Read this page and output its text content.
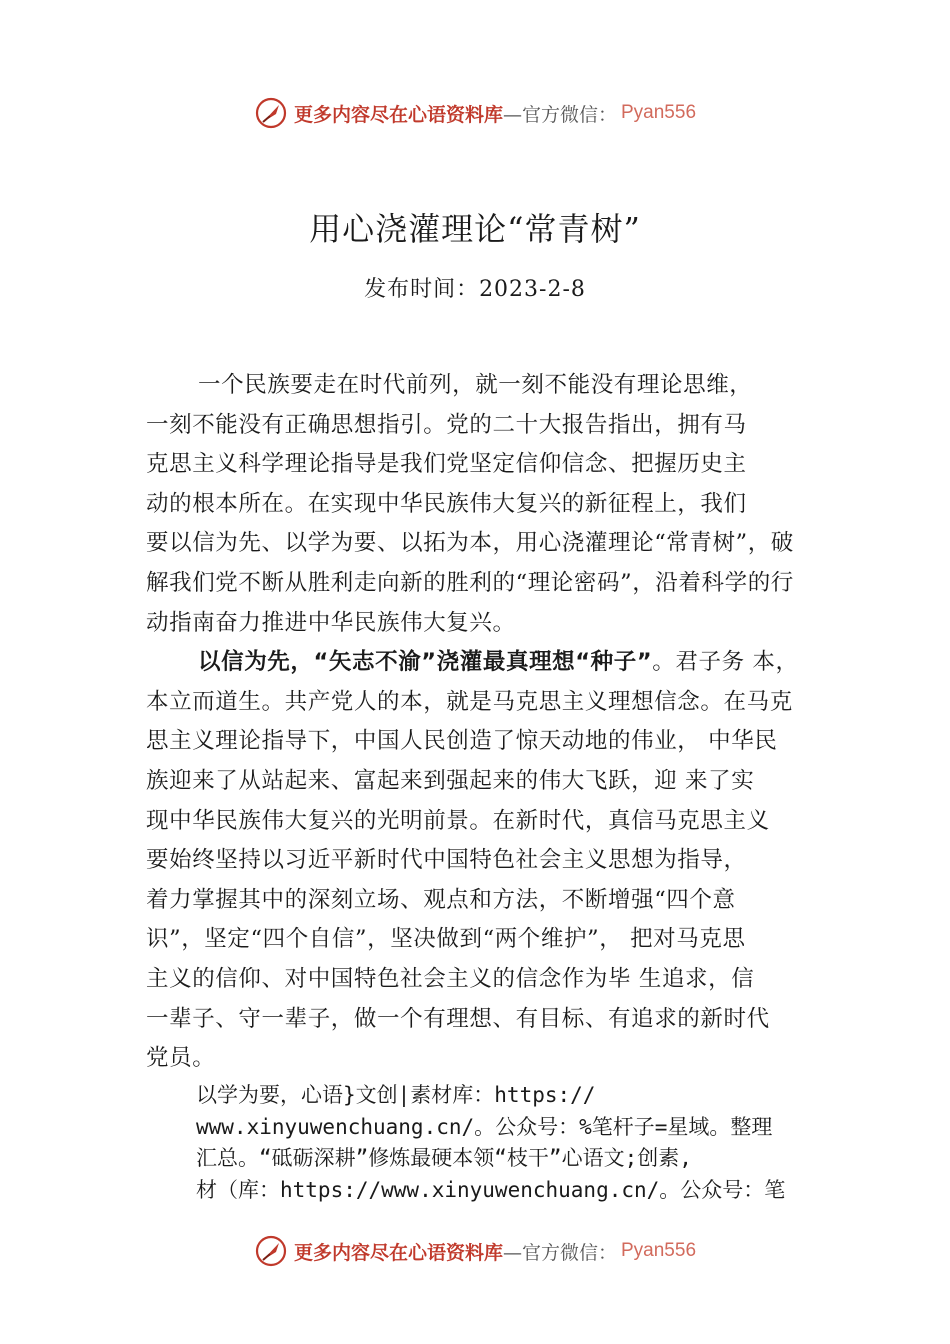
更多内容尽在心语资料库 —官方微信： Pyan556
用心浇灌理论“常青树”
发布时间：2023-2-8
一个民族要走在时代前列，就一刻不能没有理论思维，
一刻不能没有正确思想指引。党的二十大报告指出，拥有马
克思主义科学理论指导是我们党坚定信仰信念、把握历史主
动的根本所在。在实现中华民族伟大复兴的新征程上，我们
要以信为先、以学为要、以拓为本，用心浇灌理论“常青树”，破
解我们党不断从胜利走向新的胜利的“理论密码”，沿着科学的行
动指南奋力推进中华民族伟大复兴。
以信为先，“矢志不渝”浇灌最真理想“种子”。君子务 本，
本立而道生。共产党人的本，就是马克思主义理想信念。在马克
思主义理论指导下，中国人民创造了惊天动地的伟业， 中华民
族迎来了从站起来、富起来到强起来的伟大飞跃，迎 来了实
现中华民族伟大复兴的光明前景。在新时代，真信马克思主义
要始终坚持以习近平新时代中国特色社会主义思想为指导，
着力掌握其中的深刻立场、观点和方法，不断增强“四个意
识”，坚定“四个自信”，坚决做到“两个维护”， 把对马克思
主义的信仰、对中国特色社会主义的信念作为毕 生追求，信
一辈子、守一辈子，做一个有理想、有目标、有追求的新时代
党员。
以学为要，心语}文创|素材库：https://
www.xinyuwenchuang.cn/。公众号：%笔杆子=星域。整理
汇总。“砥砺深耕”修炼最硬本领“枝干”心语文;创素,
材（库：https://www.xinyuwenchuang.cn/。公众号：笔
更多内容尽在心语资料库 —官方微信： Pyan556
